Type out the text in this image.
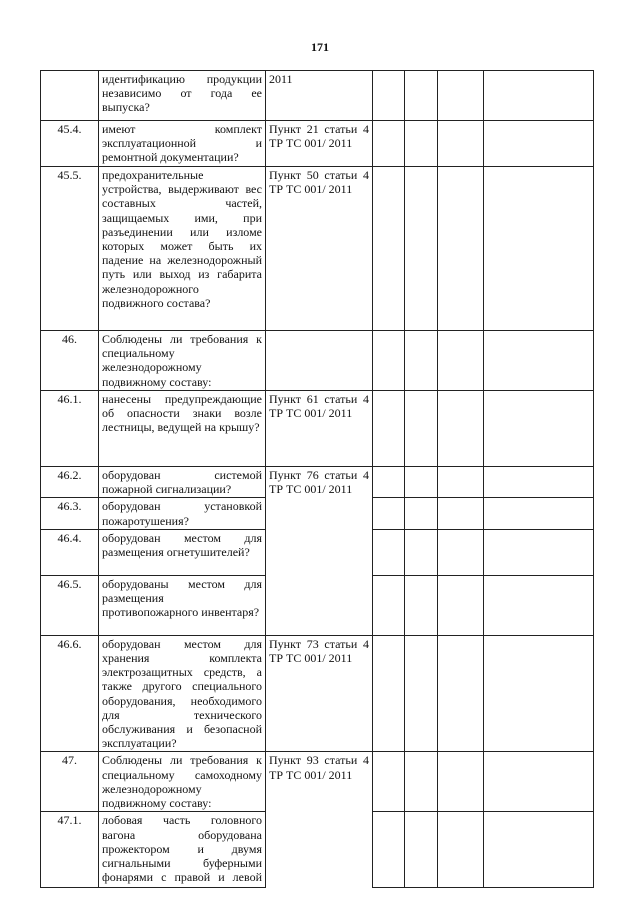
171
	идентификацию продукции независимо от года ее выпуска?	2011				

45.4.	имеют комплект эксплуатационной и ремонтной документации?	Пункт 21 статьи 4 ТР ТС 001/ 2011				

45.5.	предохранительные устройства, выдерживают вес составных частей, защищаемых ими, при разъединении или изломе которых может быть их падение на железнодорожный путь или выход из габарита железнодорожного подвижного состава?	Пункт 50 статьи 4 ТР ТС 001/ 2011				

46.	Соблюдены ли требования к специальному железнодорожному подвижному составу:	

46.1.	нанесены предупреждающие об опасности знаки возле лестницы, ведущей на крышу?	Пункт 61 статьи 4 ТР ТС 001/ 2011				

46.2.	оборудован системой пожарной сигнализации?	Пункт 76 статьи 4 ТР ТС 001/ 2011				

46.3.	оборудован установкой пожаротушения?					
46.4.	оборудован местом для размещения огнетушителей?					
46.5.	оборудованы местом для размещения противопожарного инвентаря?					
46.6.	оборудован местом для хранения комплекта электрозащитных средств, а также другого специального оборудования, необходимого для технического обслуживания и безопасной эксплуатации?	Пункт 73 статьи 4 ТР ТС 001/ 2011				

47.	Соблюдены ли требования к специальному самоходному железнодорожному подвижному составу:	Пункт 93 статьи 4 ТР ТС 001/ 2011				

47.1.	лобовая часть головного вагона оборудована прожектором и двумя сигнальными буферными фонарями с правой и левой					
